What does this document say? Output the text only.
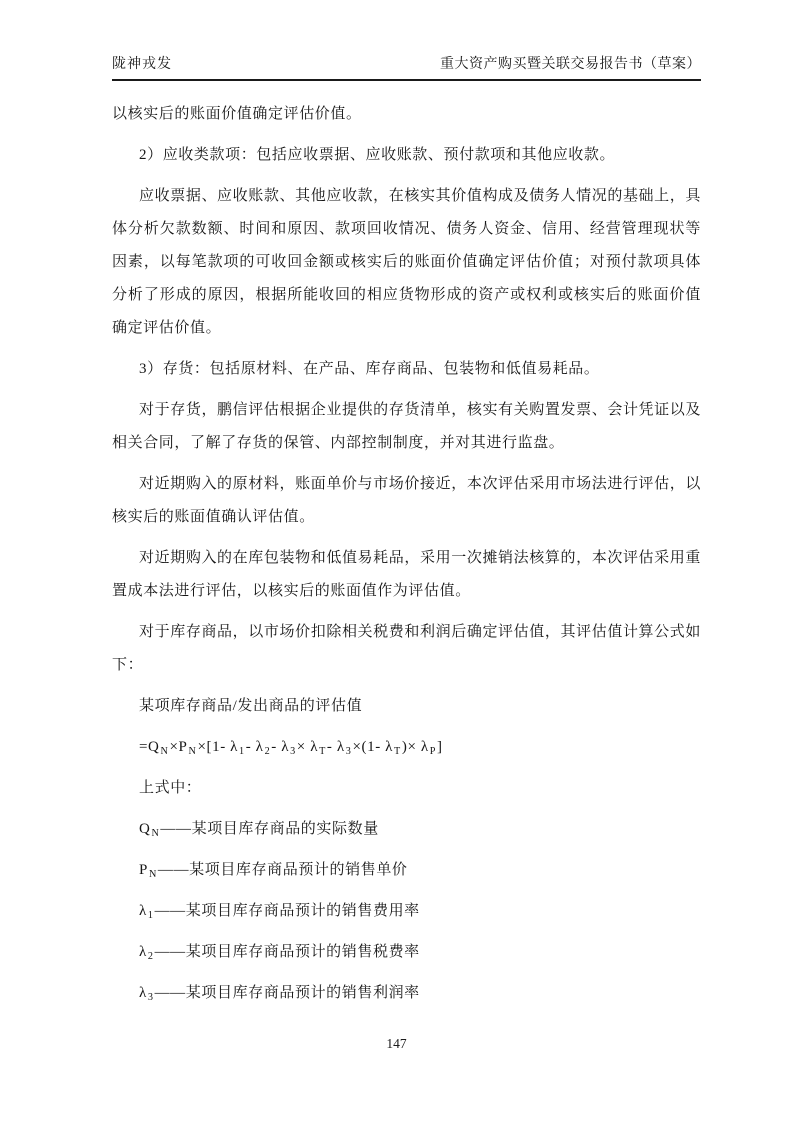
陇神戎发	重大资产购买暨关联交易报告书（草案）

以核实后的账面价值确定评估价值。

2）应收类款项：包括应收票据、应收账款、预付款项和其他应收款。

应收票据、应收账款、其他应收款，在核实其价值构成及债务人情况的基础上，具体分析欠款数额、时间和原因、款项回收情况、债务人资金、信用、经营管理现状等因素，以每笔款项的可收回金额或核实后的账面价值确定评估价值；对预付款项具体分析了形成的原因，根据所能收回的相应货物形成的资产或权利或核实后的账面价值确定评估价值。

3）存货：包括原材料、在产品、库存商品、包装物和低值易耗品。

对于存货，鹏信评估根据企业提供的存货清单，核实有关购置发票、会计凭证以及相关合同，了解了存货的保管、内部控制制度，并对其进行监盘。

对近期购入的原材料，账面单价与市场价接近，本次评估采用市场法进行评估，以核实后的账面值确认评估值。

对近期购入的在库包装物和低值易耗品，采用一次摊销法核算的，本次评估采用重置成本法进行评估，以核实后的账面值作为评估值。

对于库存商品，以市场价扣除相关税费和利润后确定评估值，其评估值计算公式如下：

某项库存商品/发出商品的评估值

$=Q_N\times P_N\times[1-$ $\lambda_1-$ $\lambda_2-$ $\lambda_3\times \lambda_T-$ $\lambda_3\times(1-$ $\lambda_T)\times \lambda_P$]

上式中：

$Q_N——$某项目库存商品的实际数量

$P_N——$某项目库存商品预计的销售单价

$\lambda_1——$某项目库存商品预计的销售费用率

$\lambda_2——$某项目库存商品预计的销售税费率

$\lambda_3——$某项目库存商品预计的销售利润率

147
